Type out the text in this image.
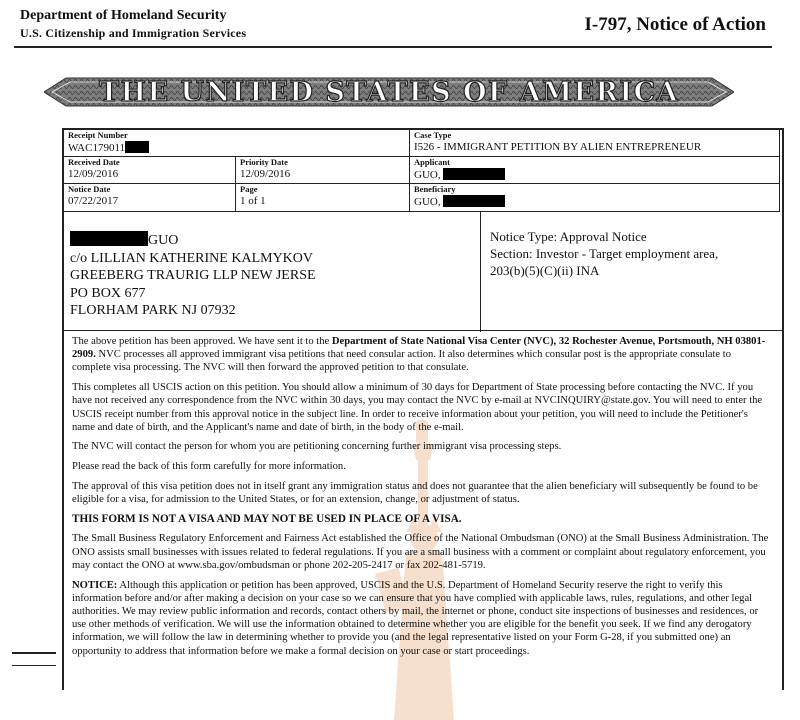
Department of Homeland Security
U.S. Citizenship and Immigration Services	I-797, Notice of Action
THE UNITED STATES OF AMERICA
Receipt Number
WAC179011
Case Type
I526 - IMMIGRANT PETITION BY ALIEN ENTREPRENEUR
Received Date
12/09/2016
Priority Date
12/09/2016
Applicant
GUO,
Notice Date
07/22/2017
Page
1 of 1
Beneficiary
GUO,
GUO
c/o LILLIAN KATHERINE KALMYKOV
GREEBERG TRAURIG LLP NEW JERSE
PO BOX 677
FLORHAM PARK NJ 07932
Notice Type: Approval Notice
Section: Investor - Target employment area,
203(b)(5)(C)(ii) INA

The above petition has been approved. We have sent it to the Department of State National Visa Center (NVC), 32 Rochester Avenue, Portsmouth, NH 03801-2909. NVC processes all approved immigrant visa petitions that need consular action. It also determines which consular post is the appropriate consulate to complete visa processing. The NVC will then forward the approved petition to that consulate.

This completes all USCIS action on this petition. You should allow a minimum of 30 days for Department of State processing before contacting the NVC. If you have not received any correspondence from the NVC within 30 days, you may contact the NVC by e-mail at NVCINQUIRY@state.gov. You will need to enter the USCIS receipt number from this approval notice in the subject line. In order to receive information about your petition, you will need to include the Petitioner's name and date of birth, and the Applicant's name and date of birth, in the body of the e-mail.

The NVC will contact the person for whom you are petitioning concerning further immigrant visa processing steps.

Please read the back of this form carefully for more information.

The approval of this visa petition does not in itself grant any immigration status and does not guarantee that the alien beneficiary will subsequently be found to be eligible for a visa, for admission to the United States, or for an extension, change, or adjustment of status.

THIS FORM IS NOT A VISA AND MAY NOT BE USED IN PLACE OF A VISA.

The Small Business Regulatory Enforcement and Fairness Act established the Office of the National Ombudsman (ONO) at the Small Business Administration. The ONO assists small businesses with issues related to federal regulations. If you are a small business with a comment or complaint about regulatory enforcement, you may contact the ONO at www.sba.gov/ombudsman or phone 202-205-2417 or fax 202-481-5719.

NOTICE: Although this application or petition has been approved, USCIS and the U.S. Department of Homeland Security reserve the right to verify this information before and/or after making a decision on your case so we can ensure that you have complied with applicable laws, rules, regulations, and other legal authorities. We may review public information and records, contact others by mail, the internet or phone, conduct site inspections of businesses and residences, or use other methods of verification. We will use the information obtained to determine whether you are eligible for the benefit you seek. If we find any derogatory information, we will follow the law in determining whether to provide you (and the legal representative listed on your Form G-28, if you submitted one) an opportunity to address that information before we make a formal decision on your case or start proceedings.
